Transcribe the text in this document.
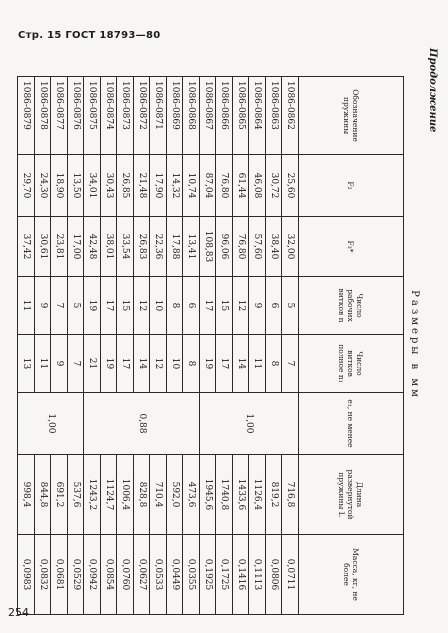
Стр. 15 ГОСТ 18793—80
Продолжение
Размеры в мм
Обозначение пружины	F₂	F₃*	Число рабочих витков n	Число витков полное n₁	e₁, не менее	Длина развернутой пружины L	Масса, кг, не более
1086-0862	25,60	32,00	5	7	1,00	716,8	0,0711
1086-0863	30,72	38,40	6	8		819,2	0,0806
1086-0864	46,08	57,60	9	11		1126,4	0,1113
1086-0865	61,44	76,80	12	14		1433,6	0,1416
1086-0866	76,80	96,06	15	17		1740,8	0,1725
1086-0867	87,04	108,83	17	19		1945,6	0,1925
1086-0868	10,74	13,41	6	8	0,88	473,6	0,0355
1086-0869	14,32	17,88	8	10		592,0	0,0449
1086-0871	17,90	22,36	10	12		710,4	0,0533
1086-0872	21,48	26,83	12	14		828,8	0,0627
1086-0873	26,85	33,54	15	17		1006,4	0,0760
1086-0874	30,43	38,01	17	19		1124,7	0,0854
1086-0875	34,01	42,48	19	21		1243,2	0,0942
1086-0876	13,50	17,00	5	7	1,00	537,6	0,0529
1086-0877	18,90	23,81	7	9		691,2	0,0681
1086-0878	24,30	30,61	9	11		844,8	0,0832
1086-0879	29,70	37,42	11	13		998,4	0,0983
254
